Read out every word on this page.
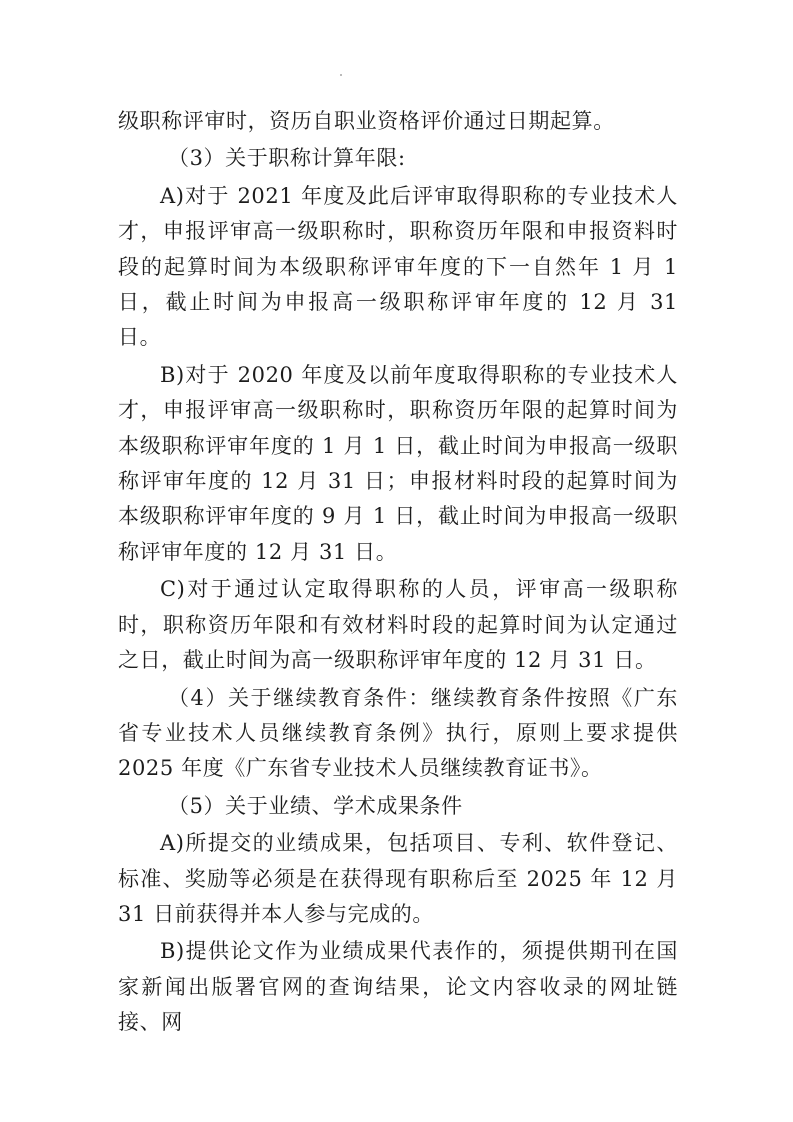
级职称评审时，资历自职业资格评价通过日期起算。

（3）关于职称计算年限:

A)对于 2021 年度及此后评审取得职称的专业技术人才，申报评审高一级职称时，职称资历年限和申报资料时段的起算时间为本级职称评审年度的下一自然年 1 月 1 日，截止时间为申报高一级职称评审年度的 12 月 31 日。

B)对于 2020 年度及以前年度取得职称的专业技术人才，申报评审高一级职称时，职称资历年限的起算时间为本级职称评审年度的 1 月 1 日，截止时间为申报高一级职称评审年度的 12 月 31 日；申报材料时段的起算时间为本级职称评审年度的 9 月 1 日，截止时间为申报高一级职称评审年度的 12 月 31 日。

C)对于通过认定取得职称的人员，评审高一级职称时，职称资历年限和有效材料时段的起算时间为认定通过之日，截止时间为高一级职称评审年度的 12 月 31 日。

（4）关于继续教育条件：继续教育条件按照《广东省专业技术人员继续教育条例》执行，原则上要求提供 2025 年度《广东省专业技术人员继续教育证书》。

（5）关于业绩、学术成果条件

A)所提交的业绩成果，包括项目、专利、软件登记、标准、奖励等必须是在获得现有职称后至 2025 年 12 月 31 日前获得并本人参与完成的。

B)提供论文作为业绩成果代表作的，须提供期刊在国家新闻出版署官网的查询结果，论文内容收录的网址链接、网
